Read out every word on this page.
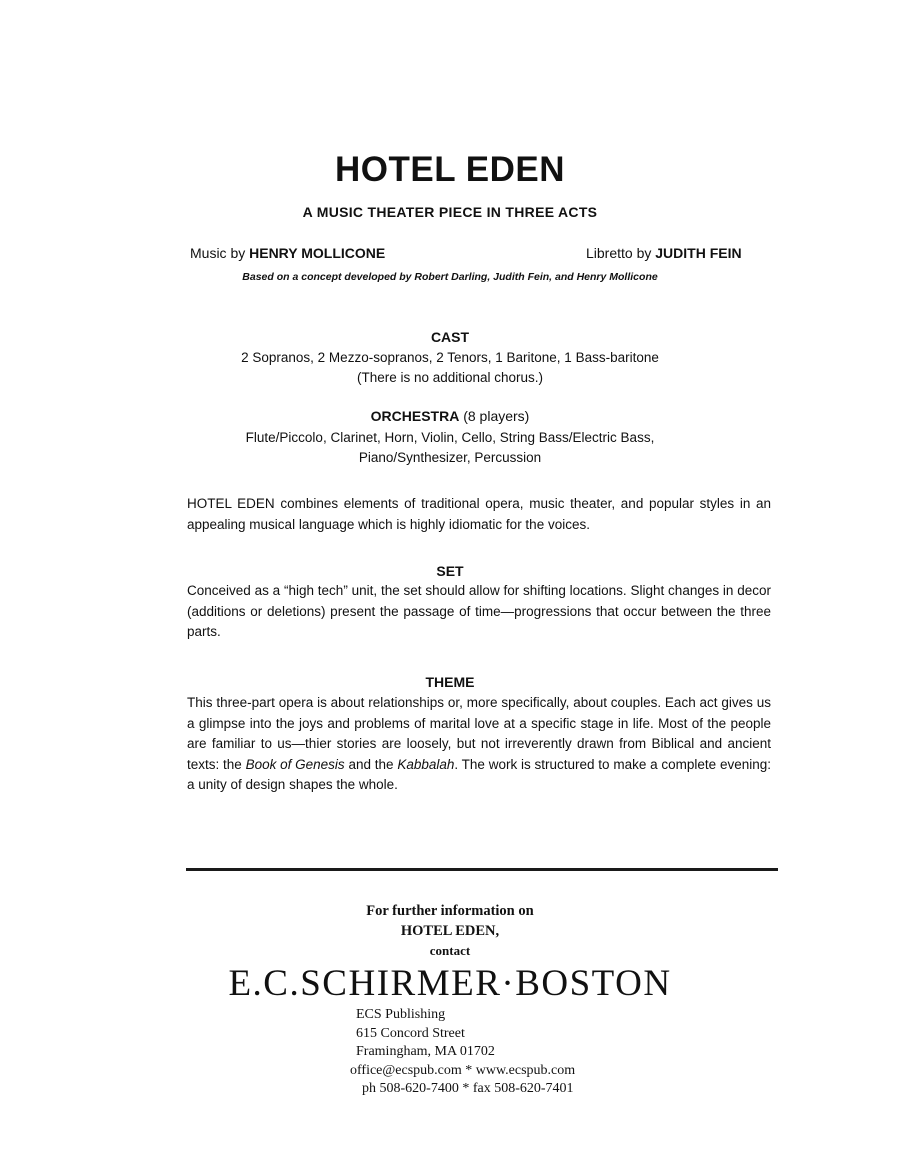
HOTEL EDEN
A MUSIC THEATER PIECE IN THREE ACTS
Music by HENRY MOLLICONE	Libretto by JUDITH FEIN
Based on a concept developed by Robert Darling, Judith Fein, and Henry Mollicone
CAST
2 Sopranos, 2 Mezzo-sopranos, 2 Tenors, 1 Baritone, 1 Bass-baritone
(There is no additional chorus.)
ORCHESTRA (8 players)
Flute/Piccolo, Clarinet, Horn, Violin, Cello, String Bass/Electric Bass,
Piano/Synthesizer, Percussion
HOTEL EDEN combines elements of traditional opera, music theater, and popular styles in an appealing musical language which is highly idiomatic for the voices.
SET
Conceived as a “high tech” unit, the set should allow for shifting locations. Slight changes in decor (additions or deletions) present the passage of time—progressions that occur between the three parts.
THEME
This three-part opera is about relationships or, more specifically, about couples. Each act gives us a glimpse into the joys and problems of marital love at a specific stage in life. Most of the people are familiar to us—thier stories are loosely, but not irreverently drawn from Biblical and ancient texts: the Book of Genesis and the Kabbalah. The work is structured to make a complete evening: a unity of design shapes the whole.
For further information on
HOTEL EDEN,
contact
E.C.SCHIRMER·BOSTON
ECS Publishing
615 Concord Street
Framingham, MA 01702
office@ecspub.com * www.ecspub.com
ph 508-620-7400 * fax 508-620-7401
